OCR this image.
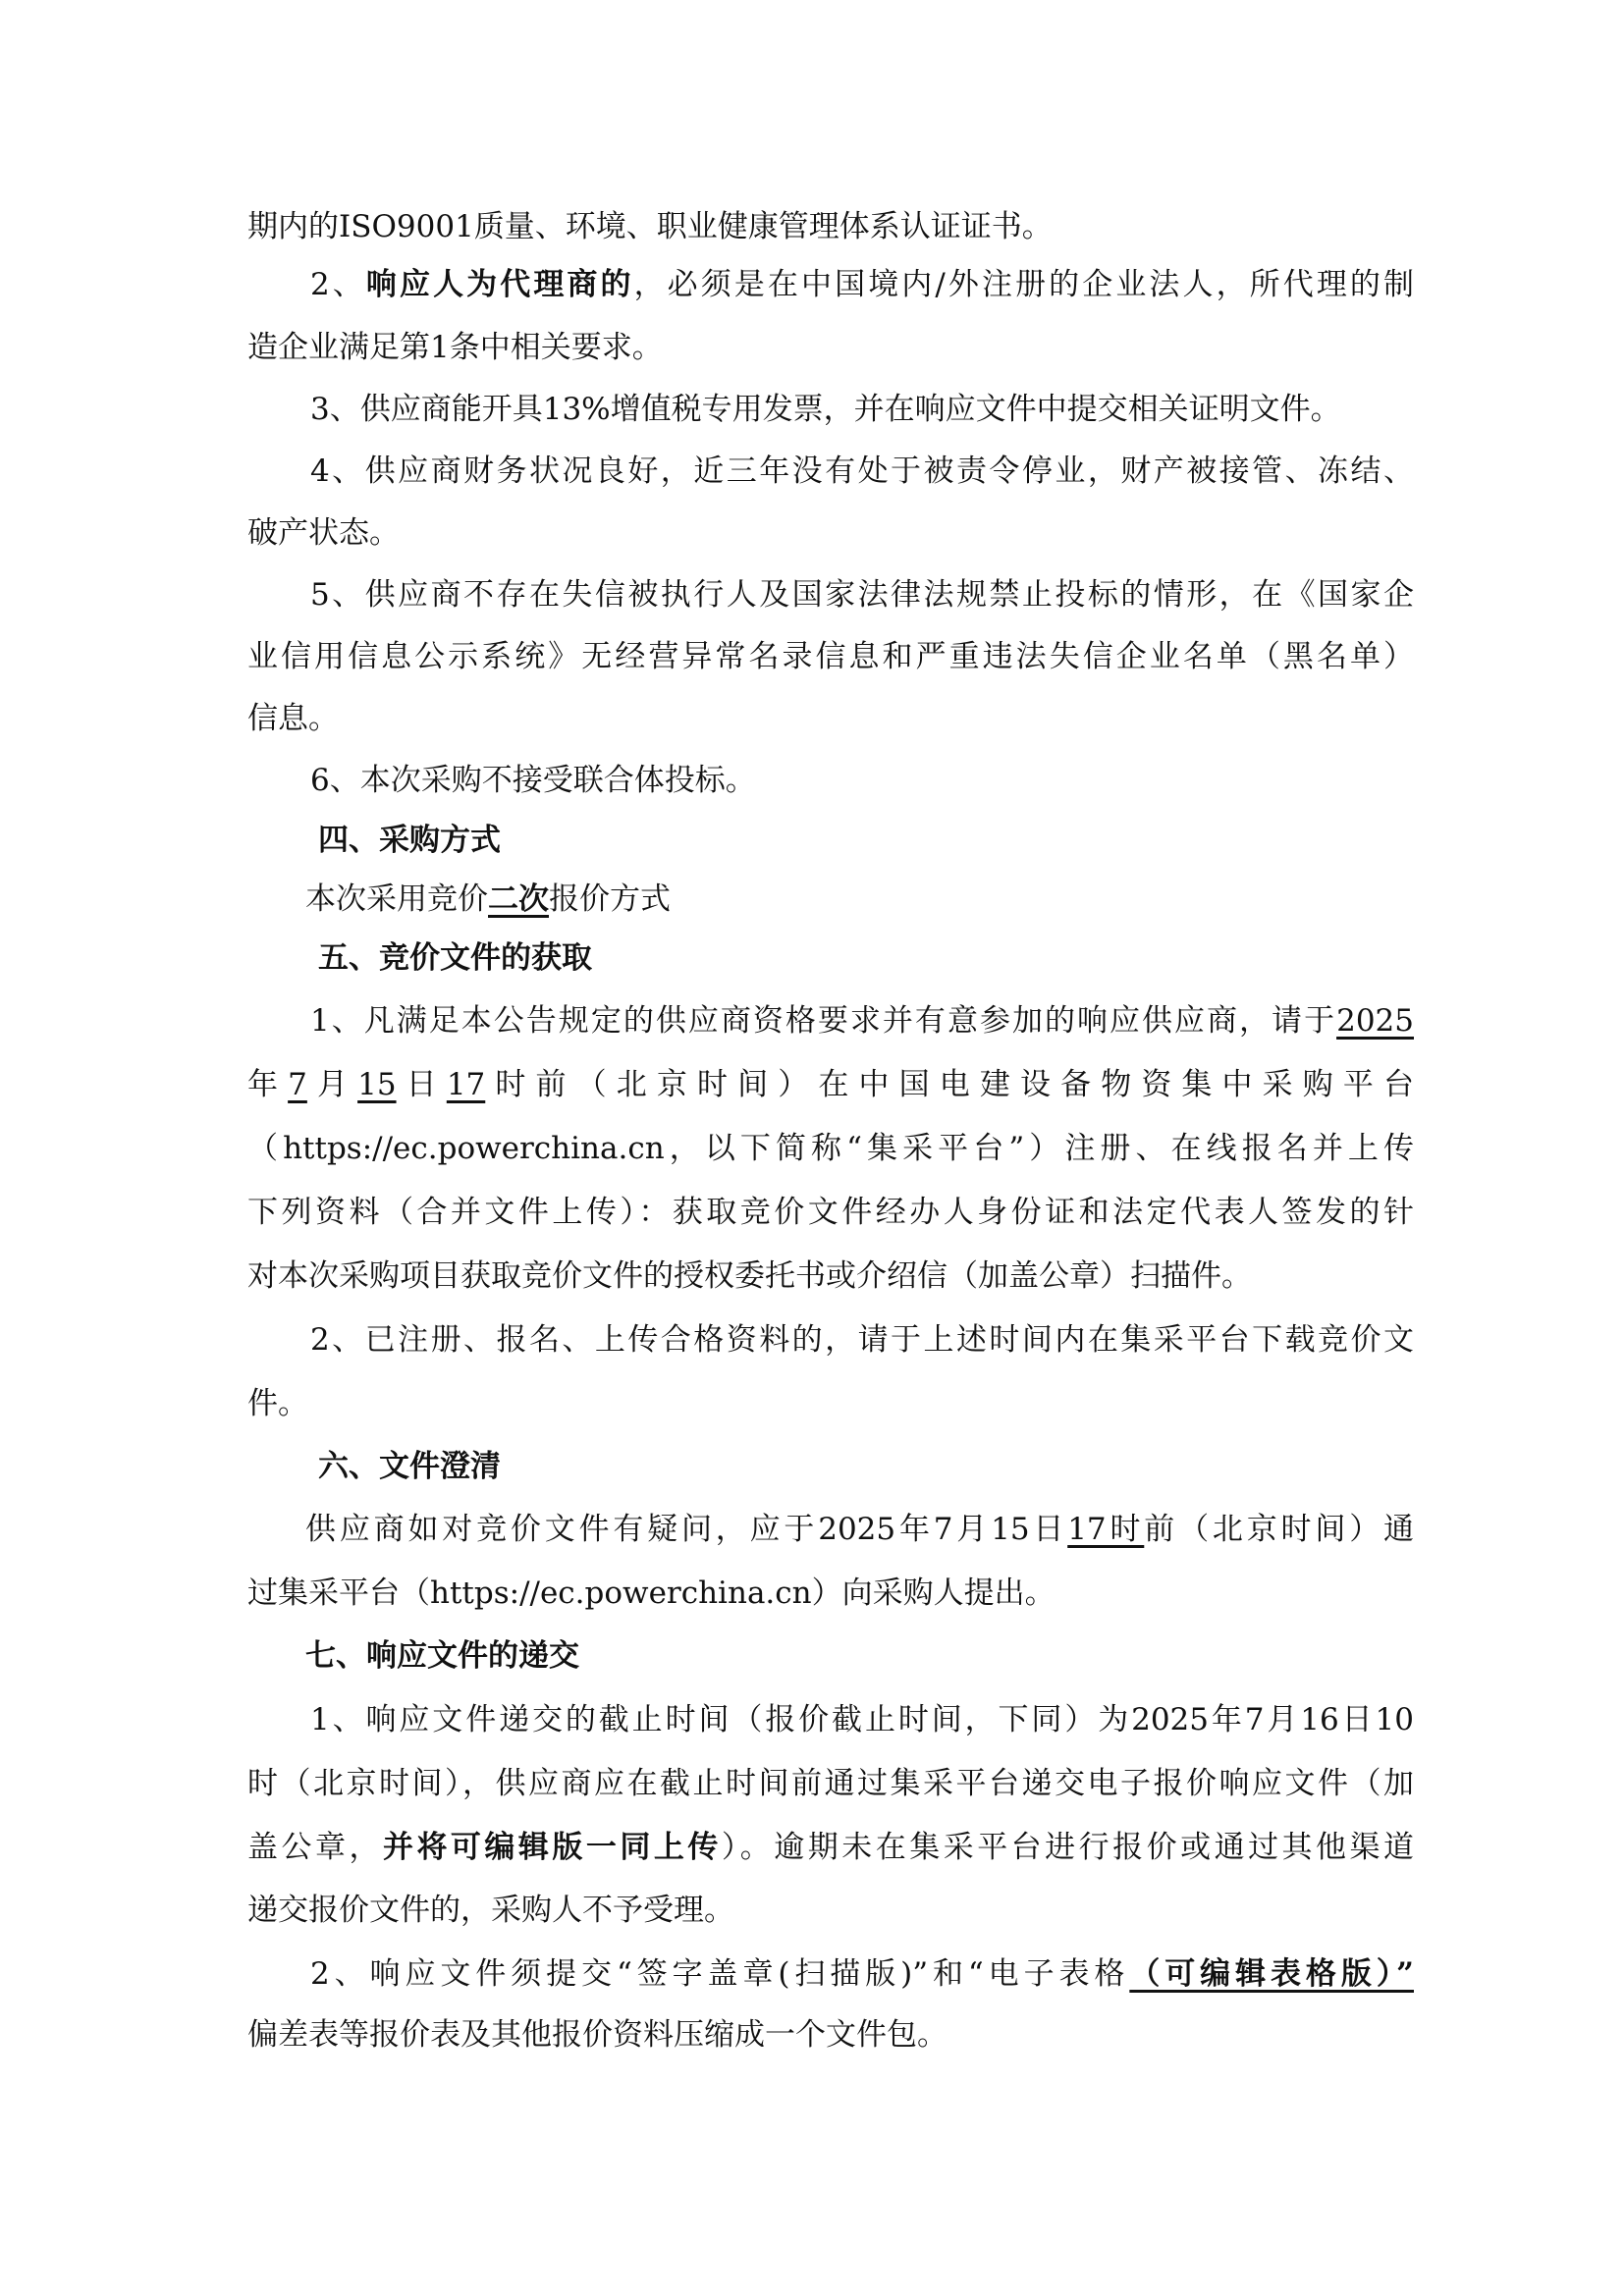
期内的ISO9001质量、环境、职业健康管理体系认证证书。
2、响应人为代理商的，必须是在中国境内/外注册的企业法人，所代理的制
造企业满足第1条中相关要求。
3、供应商能开具13%增值税专用发票，并在响应文件中提交相关证明文件。
4、供应商财务状况良好，近三年没有处于被责令停业，财产被接管、冻结、
破产状态。
5、供应商不存在失信被执行人及国家法律法规禁止投标的情形，在《国家企
业信用信息公示系统》无经营异常名录信息和严重违法失信企业名单（黑名单）
信息。
6、本次采购不接受联合体投标。
四、采购方式
本次采用竞价二次报价方式
五、竞价文件的获取
1、凡满足本公告规定的供应商资格要求并有意参加的响应供应商，请于2025
年7月15日17时前（北京时间）在中国电建设备物资集中采购平台
（https://ec.powerchina.cn，以下简称“集采平台”）注册、在线报名并上传
下列资料（合并文件上传）：获取竞价文件经办人身份证和法定代表人签发的针
对本次采购项目获取竞价文件的授权委托书或介绍信（加盖公章）扫描件。
2、已注册、报名、上传合格资料的，请于上述时间内在集采平台下载竞价文
件。
六、文件澄清
供应商如对竞价文件有疑问，应于2025年7月15日17时前（北京时间）通
过集采平台（https://ec.powerchina.cn）向采购人提出。
七、响应文件的递交
1、响应文件递交的截止时间（报价截止时间，下同）为2025年7月16日10
时（北京时间），供应商应在截止时间前通过集采平台递交电子报价响应文件（加
盖公章，并将可编辑版一同上传）。逾期未在集采平台进行报价或通过其他渠道
递交报价文件的，采购人不予受理。
2、响应文件须提交“签字盖章(扫描版)”和“电子表格（可编辑表格版）”
偏差表等报价表及其他报价资料压缩成一个文件包。
